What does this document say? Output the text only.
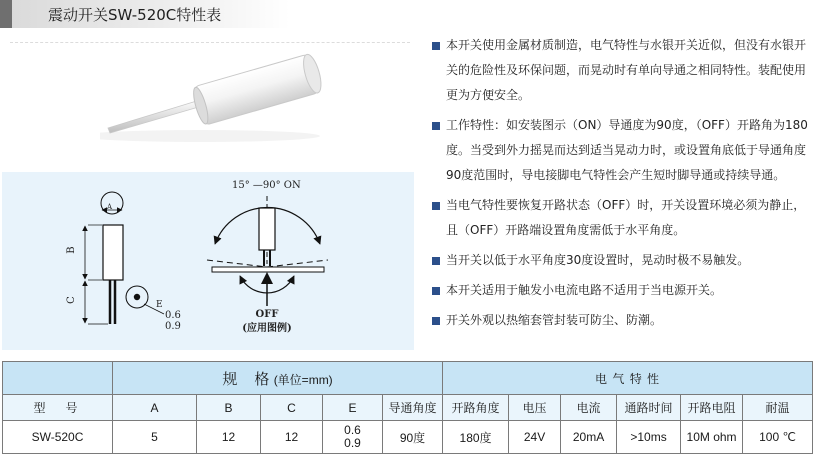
震动开关SW-520C特性表
A
B
C	E
0.6
0.9
15° —90° ON
OFF
(应用图例)
本开关使用金属材质制造，电气特性与水银开关近似，但没有水银开关的危险性及环保问题，而晃动时有单向导通之相同特性。装配使用更为方便安全。
工作特性：如安装图示（ON）导通度为90度，（OFF）开路角为180度。当受到外力摇晃而达到适当晃动力时，或设置角底低于导通角度90度范围时，导电接脚电气特性会产生短时脚导通或持续导通。
当电气特性要恢复开路状态（OFF）时，开关设置环境必须为静止，且（OFF）开路端设置角度需低于水平角度。
当开关以低于水平角度30度设置时，晃动时极不易触发。
本开关适用于触发小电流电路不适用于当电源开关。
开关外观以热缩套管封装可防尘、防潮。
	规　格 (单位=mm)					电 气 特 性					
型　号	A	B	C	E	导通角度	开路角度	电压	电流	通路时间	开路电阻	耐温
SW-520C	5	12	12	0.6
0.9	90度	180度	24V	20mA	>10ms	10M ohm	100 ℃
